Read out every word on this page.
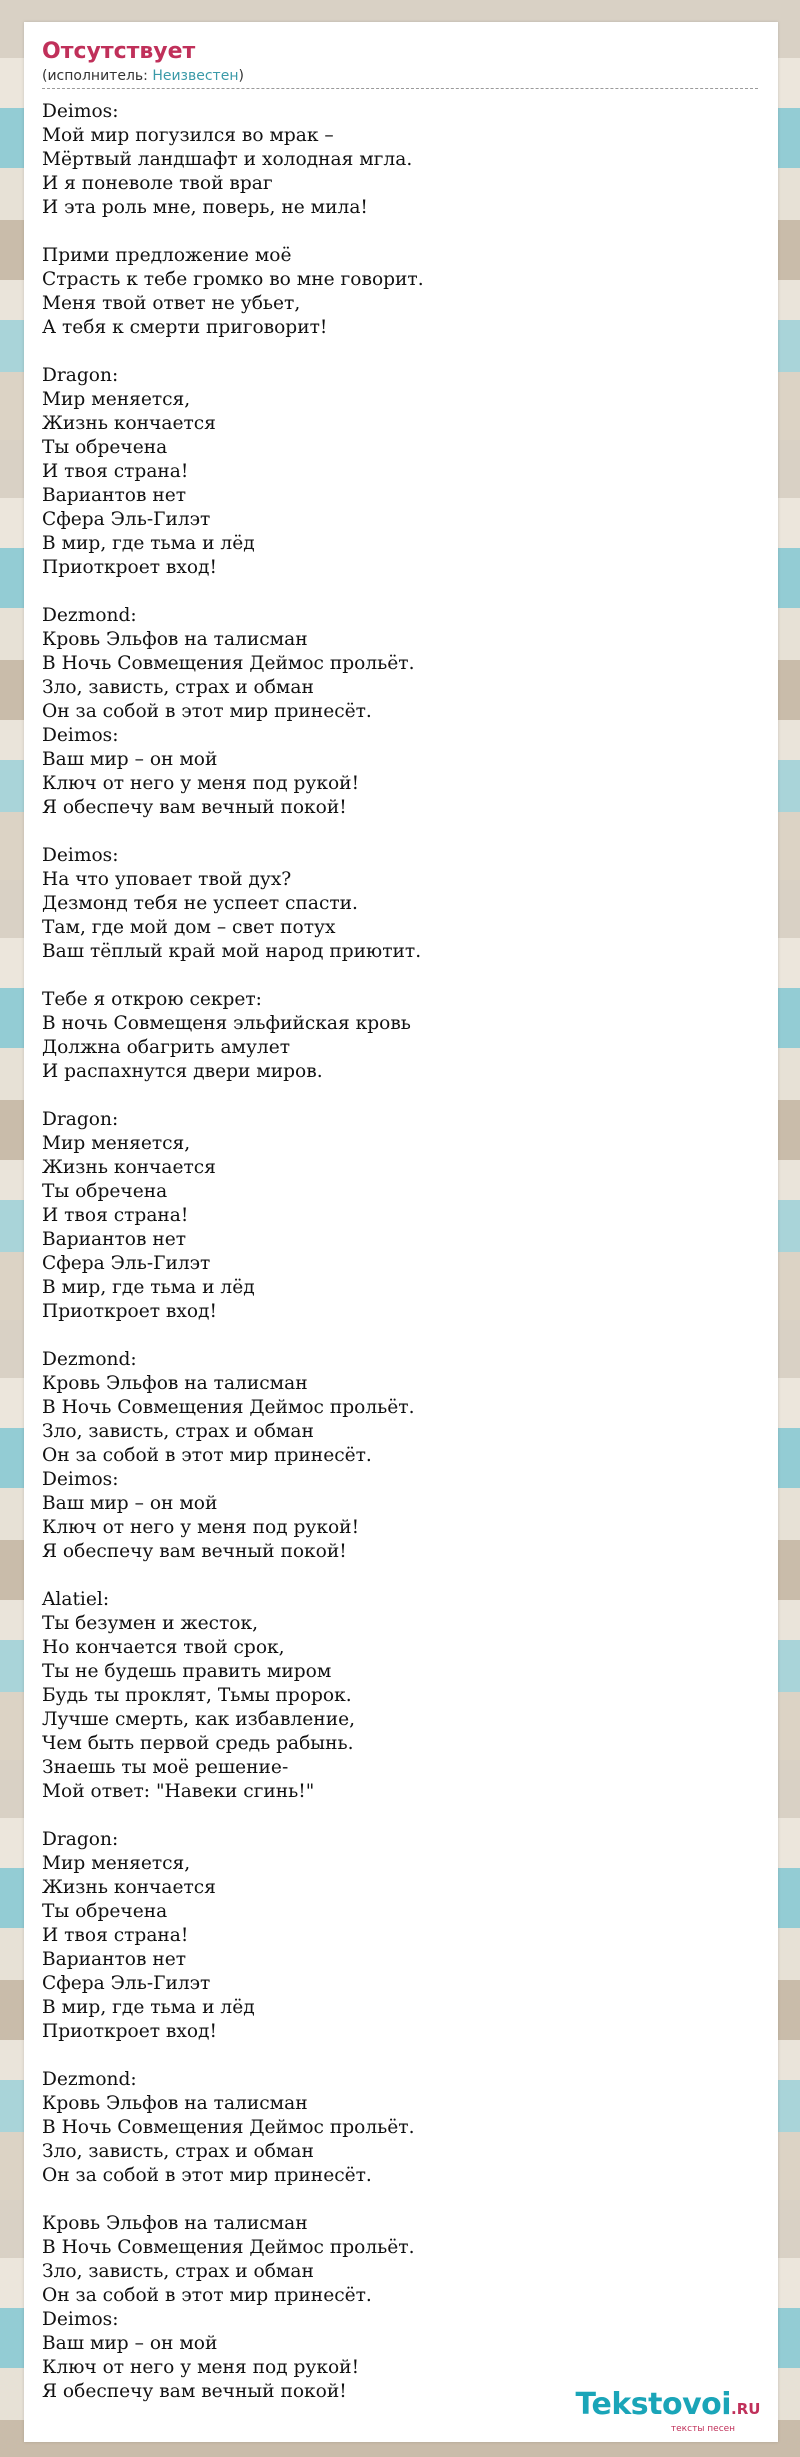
Отсутствует
(исполнитель: Неизвестен)
Deimos:
Мой мир погузился во мрак –
Мёртвый ландшафт и холодная мгла.
И я поневоле твой враг
И эта роль мне, поверь, не мила!

Прими предложение моё
Страсть к тебе громко во мне говорит.
Меня твой ответ не убьет,
А тебя к смерти приговорит!

Dragon:
Мир меняется,
Жизнь кончается
Ты обречена
И твоя страна!
Вариантов нет
Сфера Эль-Гилэт
В мир, где тьма и лёд
Приоткроет вход!

Dezmond:
Кровь Эльфов на талисман
В Ночь Совмещения Деймос прольёт.
Зло, зависть, страх и обман
Он за собой в этот мир принесёт.
Deimos:
Ваш мир – он мой
Ключ от него у меня под рукой!
Я обеспечу вам вечный покой!

Deimos:
На что уповает твой дух?
Дезмонд тебя не успеет спасти.
Там, где мой дом – свет потух
Ваш тёплый край мой народ приютит.

Тебе я открою секрет:
В ночь Совмещеня эльфийская кровь
Должна обагрить амулет
И распахнутся двери миров.

Dragon:
Мир меняется,
Жизнь кончается
Ты обречена
И твоя страна!
Вариантов нет
Сфера Эль-Гилэт
В мир, где тьма и лёд
Приоткроет вход!

Dezmond:
Кровь Эльфов на талисман
В Ночь Совмещения Деймос прольёт.
Зло, зависть, страх и обман
Он за собой в этот мир принесёт.
Deimos:
Ваш мир – он мой
Ключ от него у меня под рукой!
Я обеспечу вам вечный покой!

Alatiel:
Ты безумен и жесток,
Но кончается твой срок,
Ты не будешь править миром
Будь ты проклят, Тьмы пророк.
Лучше смерть, как избавление,
Чем быть первой средь рабынь.
Знаешь ты моё решение-
Мой ответ: "Навеки сгинь!"

Dragon:
Мир меняется,
Жизнь кончается
Ты обречена
И твоя страна!
Вариантов нет
Сфера Эль-Гилэт
В мир, где тьма и лёд
Приоткроет вход!

Dezmond:
Кровь Эльфов на талисман
В Ночь Совмещения Деймос прольёт.
Зло, зависть, страх и обман
Он за собой в этот мир принесёт.

Кровь Эльфов на талисман
В Ночь Совмещения Деймос прольёт.
Зло, зависть, страх и обман
Он за собой в этот мир принесёт.
Deimos:
Ваш мир – он мой
Ключ от него у меня под рукой!
Я обеспечу вам вечный покой!	Tekstovoi.RU
тексты песен
